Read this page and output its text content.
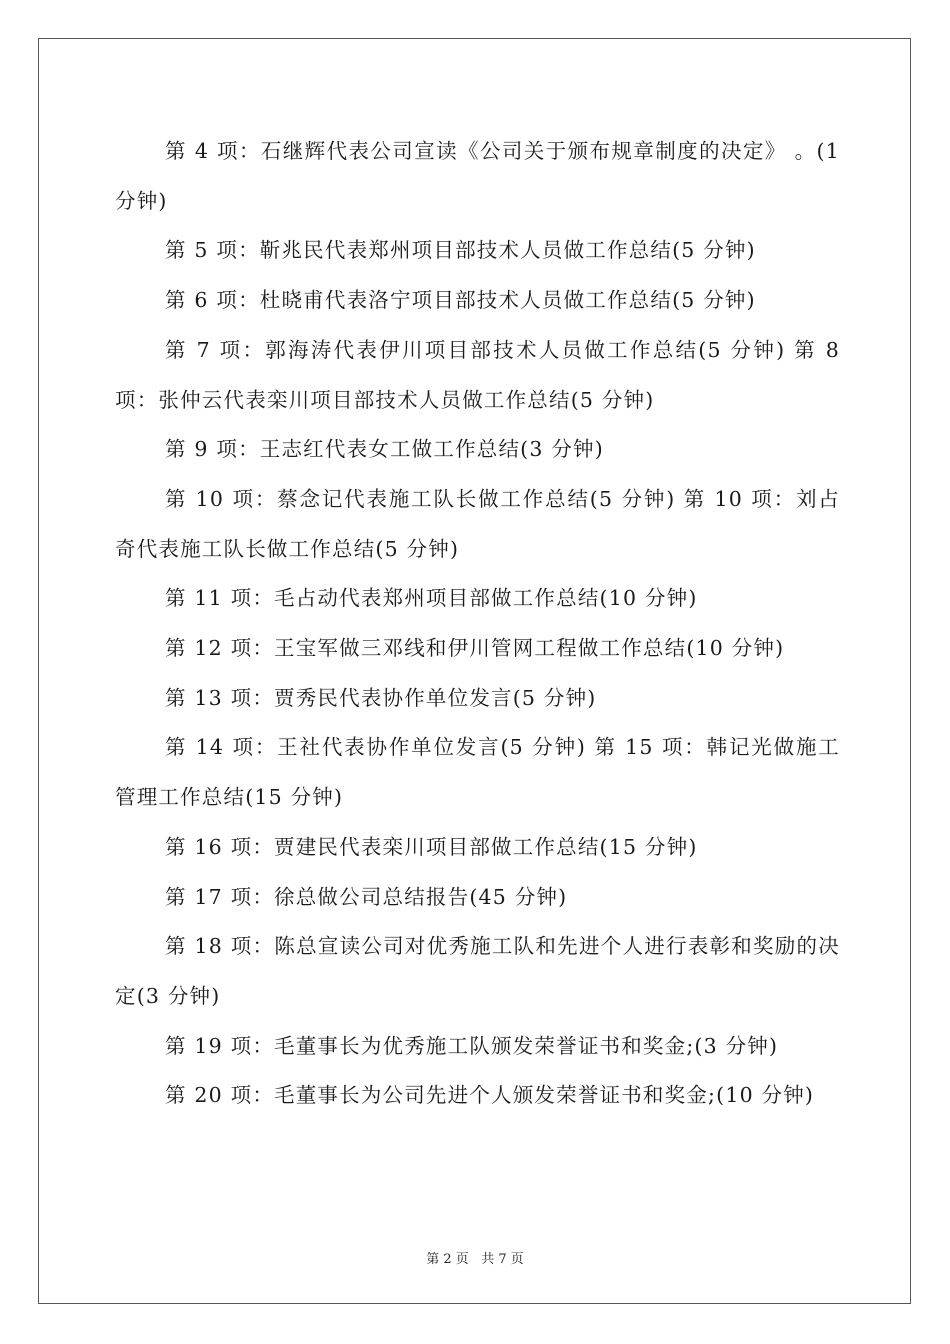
第 4 项：石继辉代表公司宣读《公司关于颁布规章制度的决定》 。(1 分钟)

第 5 项：靳兆民代表郑州项目部技术人员做工作总结(5 分钟)

第 6 项：杜晓甫代表洛宁项目部技术人员做工作总结(5 分钟)

第 7 项：郭海涛代表伊川项目部技术人员做工作总结(5 分钟) 第 8 项：张仲云代表栾川项目部技术人员做工作总结(5 分钟)

第 9 项：王志红代表女工做工作总结(3 分钟)

第 10 项：蔡念记代表施工队长做工作总结(5 分钟) 第 10 项：刘占奇代表施工队长做工作总结(5 分钟)

第 11 项：毛占动代表郑州项目部做工作总结(10 分钟)

第 12 项：王宝军做三邓线和伊川管网工程做工作总结(10 分钟)

第 13 项：贾秀民代表协作单位发言(5 分钟)

第 14 项：王社代表协作单位发言(5 分钟) 第 15 项：韩记光做施工管理工作总结(15 分钟)

第 16 项：贾建民代表栾川项目部做工作总结(15 分钟)

第 17 项：徐总做公司总结报告(45 分钟)

第 18 项：陈总宣读公司对优秀施工队和先进个人进行表彰和奖励的决定(3 分钟)

第 19 项：毛董事长为优秀施工队颁发荣誉证书和奖金;(3 分钟)

第 20 项：毛董事长为公司先进个人颁发荣誉证书和奖金;(10 分钟)

第 2 页 共 7 页
